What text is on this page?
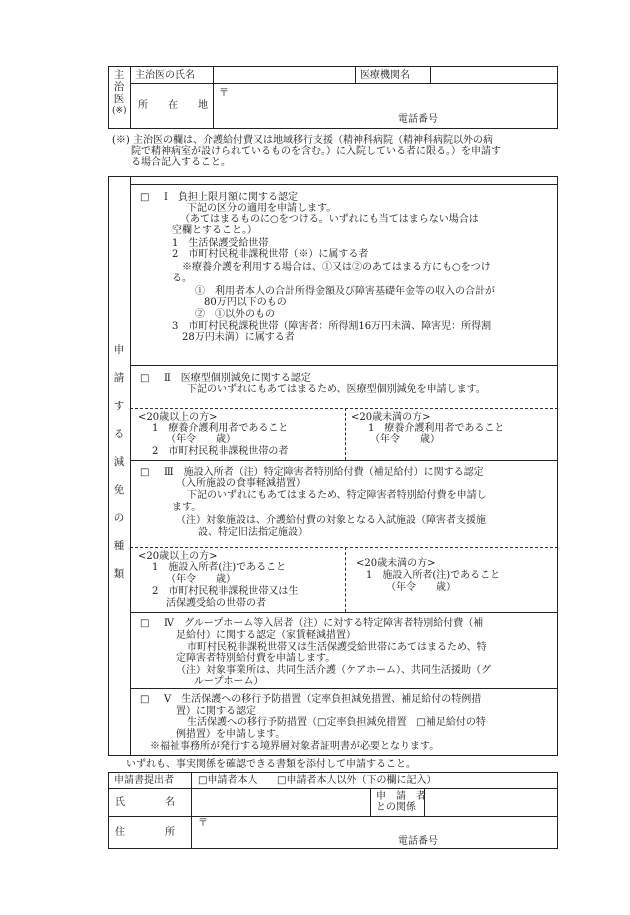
主
治
医
(※)
主治医の氏名	医療機関名
所　　在　　地
〒
電話番号
(※) 主治医の欄は、介護給付費又は地域移行支援（精神科病院（精神科病院以外の病
院で精神病室が設けられているものを含む。）に入院している者に限る。）を申請す
る場合記入すること。
申
請
す
る
減
免
の
種
類
□ Ⅰ　負担上限月額に関する認定
下記の区分の適用を申請します。
（あてはまるものに○をつける。いずれにも当てはまらない場合は
空欄とすること。）
1　生活保護受給世帯
2　市町村民税非課税世帯（※）に属する者
※療養介護を利用する場合は、①又は②のあてはまる方にも○をつけ
る。
①　利用者本人の合計所得金額及び障害基礎年金等の収入の合計が
80万円以下のもの
②　①以外のもの
3　市町村民税課税世帯（障害者：所得割16万円未満、障害児：所得割
28万円未満）に属する者
□ Ⅱ　医療型個別減免に関する認定
下記のいずれにもあてはまるため、医療型個別減免を申請します。
<20歳以上の方>
1　療養介護利用者であること
（年令　　歳）
2　市町村民税非課税世帯の者
<20歳未満の方>
1　療養介護利用者であること
（年令　　歳）
□ Ⅲ　施設入所者（注）特定障害者特別給付費（補足給付）に関する認定
（入所施設の食事軽減措置）
下記のいずれにもあてはまるため、特定障害者特別給付費を申請し
ます。
（注）対象施設は、介護給付費の対象となる入試施設（障害者支援施
設、特定旧法指定施設）
<20歳以上の方>
1　施設入所者(注)であること
（年令　　歳）
2　市町村民税非課税世帯又は生
活保護受給の世帯の者
<20歳未満の方>
1　施設入所者(注)であること
（年令　　歳）
□ Ⅳ　グループホーム等入居者（注）に対する特定障害者特別給付費（補
足給付）に関する認定（家賃軽減措置）
市町村民税非課税世帯又は生活保護受給世帯にあてはまるため、特
定障害者特別給付費を申請します。
（注）対象事業所は、共同生活介護（ケアホーム）、共同生活援助（グ
ループホーム）
□ Ⅴ　生活保護への移行予防措置（定率負担減免措置、補足給付の特例措
置）に関する認定
生活保護への移行予防措置（□定率負担減免措置　□補足給付の特
例措置）を申請します。
※福祉事務所が発行する境界層対象者証明書が必要となります。
いずれも、事実関係を確認できる書類を添付して申請すること。
申請書提出者 □申請者本人 □申請者本人以外（下の欄に記入）
氏　　　　名
申　請　者
との関係
住　　　　所
〒
電話番号
